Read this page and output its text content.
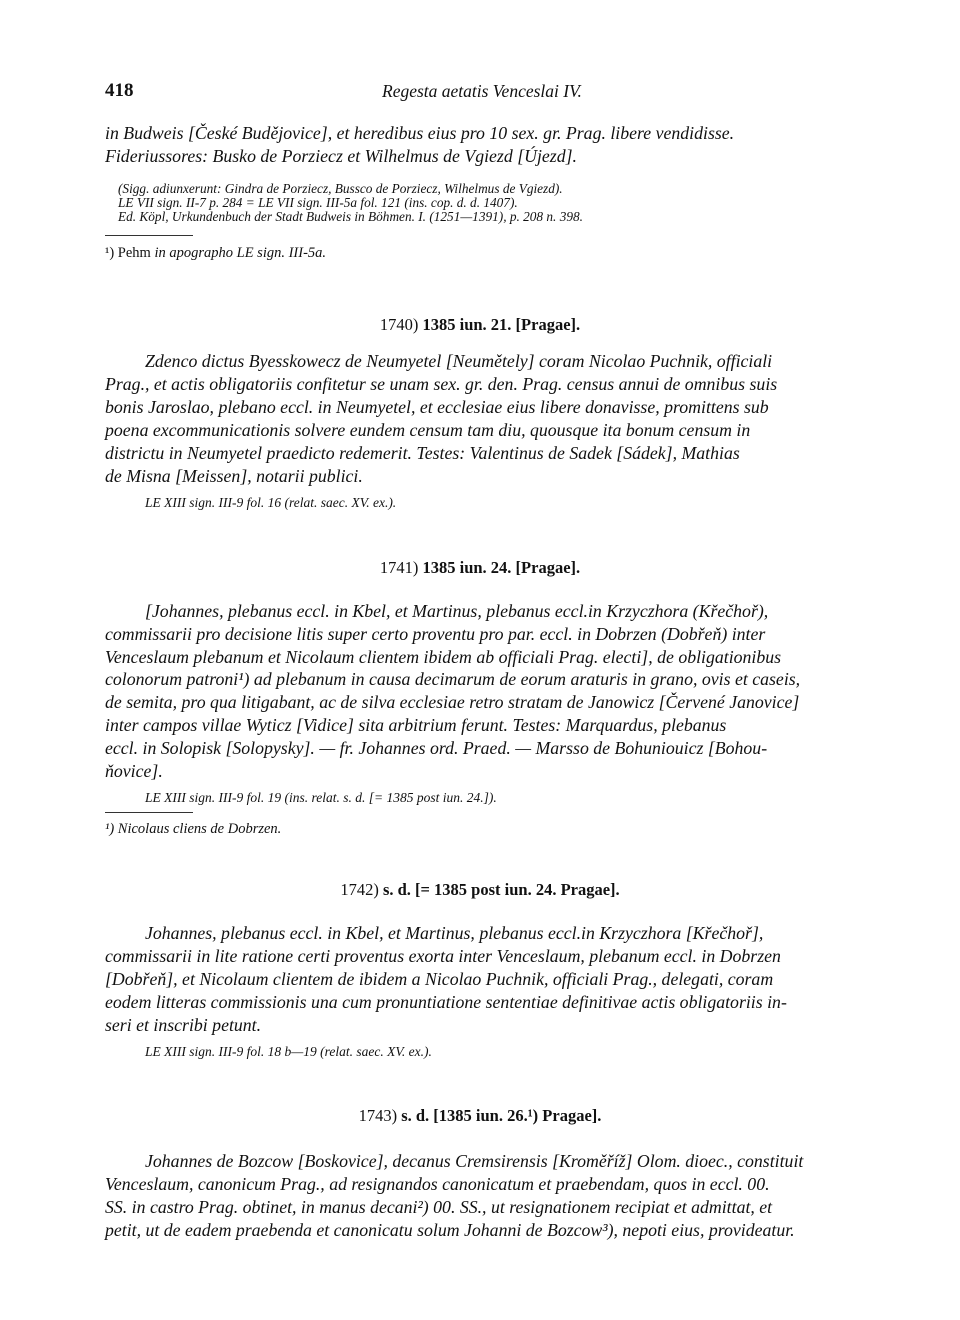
418	Regesta aetatis Venceslai IV.
in Budweis [České Budějovice], et heredibus eius pro 10 sex. gr. Prag. libere vendidisse.
Fideriussores: Busko de Porziecz et Wilhelmus de Vgiezd [Újezd].
(Sigg. adiunxerunt: Gindra de Porziecz, Bussco de Porziecz, Wilhelmus de Vgiezd).
LE VII sign. II-7 p. 284 = LE VII sign. III-5a fol. 121 (ins. cop. d. d. 1407).
Ed. Köpl, Urkundenbuch der Stadt Budweis in Böhmen. I. (1251—1391), p. 208 n. 398.
¹) Pehm in apographo LE sign. III-5a.
1740) 1385 iun. 21. [Pragae].
Zdenco dictus Byesskowecz de Neumyetel [Neumětely] coram Nicolao Puchnik, officiali
Prag., et actis obligatoriis confitetur se unam sex. gr. den. Prag. census annui de omnibus suis
bonis Jaroslao, plebano eccl. in Neumyetel, et ecclesiae eius libere donavisse, promittens sub
poena excommunicationis solvere eundem censum tam diu, quousque ita bonum censum in
districtu in Neumyetel praedicto redemerit. Testes: Valentinus de Sadek [Sádek], Mathias
de Misna [Meissen], notarii publici.
LE XIII sign. III-9 fol. 16 (relat. saec. XV. ex.).
1741) 1385 iun. 24. [Pragae].
[Johannes, plebanus eccl. in Kbel, et Martinus, plebanus eccl.in Krzyczhora (Křečhoř),
commissarii pro decisione litis super certo proventu pro par. eccl. in Dobrzen (Dobřeň) inter
Venceslaum plebanum et Nicolaum clientem ibidem ab officiali Prag. electi], de obligationibus
colonorum patroni¹) ad plebanum in causa decimarum de eorum araturis in grano, ovis et caseis,
de semita, pro qua litigabant, ac de silva ecclesiae retro stratam de Janowicz [Červené Janovice]
inter campos villae Wyticz [Vidice] sita arbitrium ferunt. Testes: Marquardus, plebanus
eccl. in Solopisk [Solopysky]. — fr. Johannes ord. Praed. — Marsso de Bohuniouicz [Bohou-
ňovice].
LE XIII sign. III-9 fol. 19 (ins. relat. s. d. [= 1385 post iun. 24.]).
¹) Nicolaus cliens de Dobrzen.
1742) s. d. [= 1385 post iun. 24. Pragae].
Johannes, plebanus eccl. in Kbel, et Martinus, plebanus eccl.in Krzyczhora [Křečhoř],
commissarii in lite ratione certi proventus exorta inter Venceslaum, plebanum eccl. in Dobrzen
[Dobřeň], et Nicolaum clientem de ibidem a Nicolao Puchnik, officiali Prag., delegati, coram
eodem litteras commissionis una cum pronuntiatione sententiae definitivae actis obligatoriis in-
seri et inscribi petunt.
LE XIII sign. III-9 fol. 18 b—19 (relat. saec. XV. ex.).
1743) s. d. [1385 iun. 26.¹) Pragae].
Johannes de Bozcow [Boskovice], decanus Cremsirensis [Kroměříž] Olom. dioec., constituit
Venceslaum, canonicum Prag., ad resignandos canonicatum et praebendam, quos in eccl. 00.
SS. in castro Prag. obtinet, in manus decani²) 00. SS., ut resignationem recipiat et admittat, et
petit, ut de eadem praebenda et canonicatu solum Johanni de Bozcow³), nepoti eius, provideatur.
